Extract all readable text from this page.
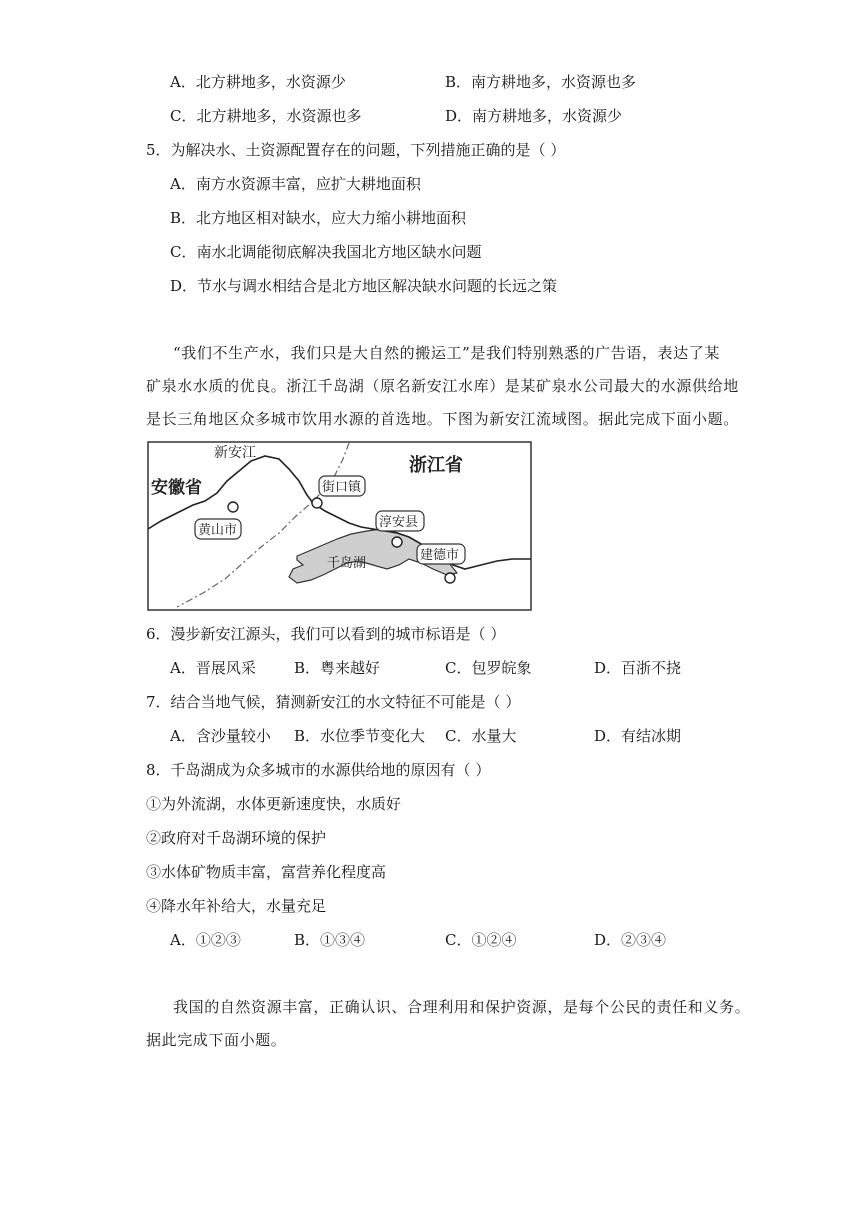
A．北方耕地多，水资源少	B．南方耕地多，水资源也多
C．北方耕地多，水资源也多	D．南方耕地多，水资源少
5．为解决水、土资源配置存在的问题，下列措施正确的是（ ）
A．南方水资源丰富，应扩大耕地面积
B．北方地区相对缺水，应大力缩小耕地面积
C．南水北调能彻底解决我国北方地区缺水问题
D．节水与调水相结合是北方地区解决缺水问题的长远之策
“我们不生产水，我们只是大自然的搬运工”是我们特别熟悉的广告语，表达了某
矿泉水水质的优良。浙江千岛湖（原名新安江水库）是某矿泉水公司最大的水源供给地
是长三角地区众多城市饮用水源的首选地。下图为新安江流域图。据此完成下面小题。
新安江
安徽省
浙江省
街口镇
黄山市
淳安县
千岛湖
建德市
6．漫步新安江源头，我们可以看到的城市标语是（ ）
A．晋展风采	B．粤来越好	C．包罗皖象	D．百浙不挠
7．结合当地气候，猜测新安江的水文特征不可能是（ ）
A．含沙量较小 B．水位季节变化大 C．水量大	D．有结冰期
8．千岛湖成为众多城市的水源供给地的原因有（ ）
①为外流湖，水体更新速度快，水质好
②政府对千岛湖环境的保护
③水体矿物质丰富，富营养化程度高
④降水年补给大，水量充足
A．①②③	B．①③④	C．①②④	D．②③④
我国的自然资源丰富，正确认识、合理利用和保护资源，是每个公民的责任和义务。
据此完成下面小题。
